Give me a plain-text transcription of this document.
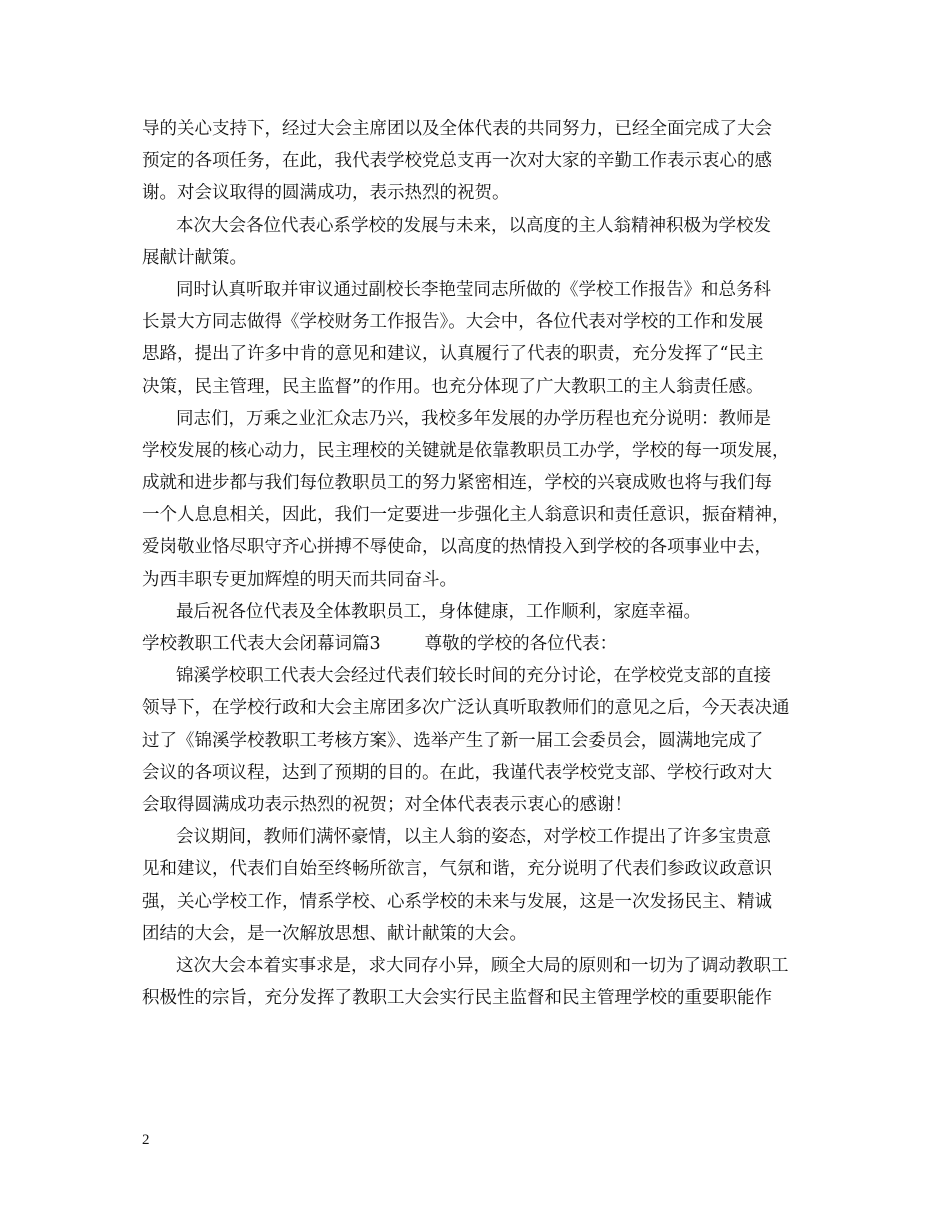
导的关心支持下，经过大会主席团以及全体代表的共同努力，已经全面完成了大会
预定的各项任务，在此，我代表学校党总支再一次对大家的辛勤工作表示衷心的感
谢。对会议取得的圆满成功，表示热烈的祝贺。
本次大会各位代表心系学校的发展与未来，以高度的主人翁精神积极为学校发
展献计献策。
同时认真听取并审议通过副校长李艳莹同志所做的《学校工作报告》和总务科
长景大方同志做得《学校财务工作报告》。大会中，各位代表对学校的工作和发展
思路，提出了许多中肯的意见和建议，认真履行了代表的职责，充分发挥了“民主
决策，民主管理，民主监督”的作用。也充分体现了广大教职工的主人翁责任感。
同志们，万乘之业汇众志乃兴，我校多年发展的办学历程也充分说明：教师是
学校发展的核心动力，民主理校的关键就是依靠教职员工办学，学校的每一项发展，
成就和进步都与我们每位教职员工的努力紧密相连，学校的兴衰成败也将与我们每
一个人息息相关，因此，我们一定要进一步强化主人翁意识和责任意识，振奋精神，
爱岗敬业恪尽职守齐心拼搏不辱使命，以高度的热情投入到学校的各项事业中去，
为西丰职专更加辉煌的明天而共同奋斗。
最后祝各位代表及全体教职员工，身体健康，工作顺利，家庭幸福。
学校教职工代表大会闭幕词篇3	尊敬的学校的各位代表：
锦溪学校职工代表大会经过代表们较长时间的充分讨论，在学校党支部的直接
领导下，在学校行政和大会主席团多次广泛认真听取教师们的意见之后，今天表决通
过了《锦溪学校教职工考核方案》、选举产生了新一届工会委员会，圆满地完成了
会议的各项议程，达到了预期的目的。在此，我谨代表学校党支部、学校行政对大
会取得圆满成功表示热烈的祝贺；对全体代表表示衷心的感谢！
会议期间，教师们满怀豪情，以主人翁的姿态，对学校工作提出了许多宝贵意
见和建议，代表们自始至终畅所欲言，气氛和谐，充分说明了代表们参政议政意识
强，关心学校工作，情系学校、心系学校的未来与发展，这是一次发扬民主、精诚
团结的大会，是一次解放思想、献计献策的大会。
这次大会本着实事求是，求大同存小异，顾全大局的原则和一切为了调动教职工
积极性的宗旨，充分发挥了教职工大会实行民主监督和民主管理学校的重要职能作
2
